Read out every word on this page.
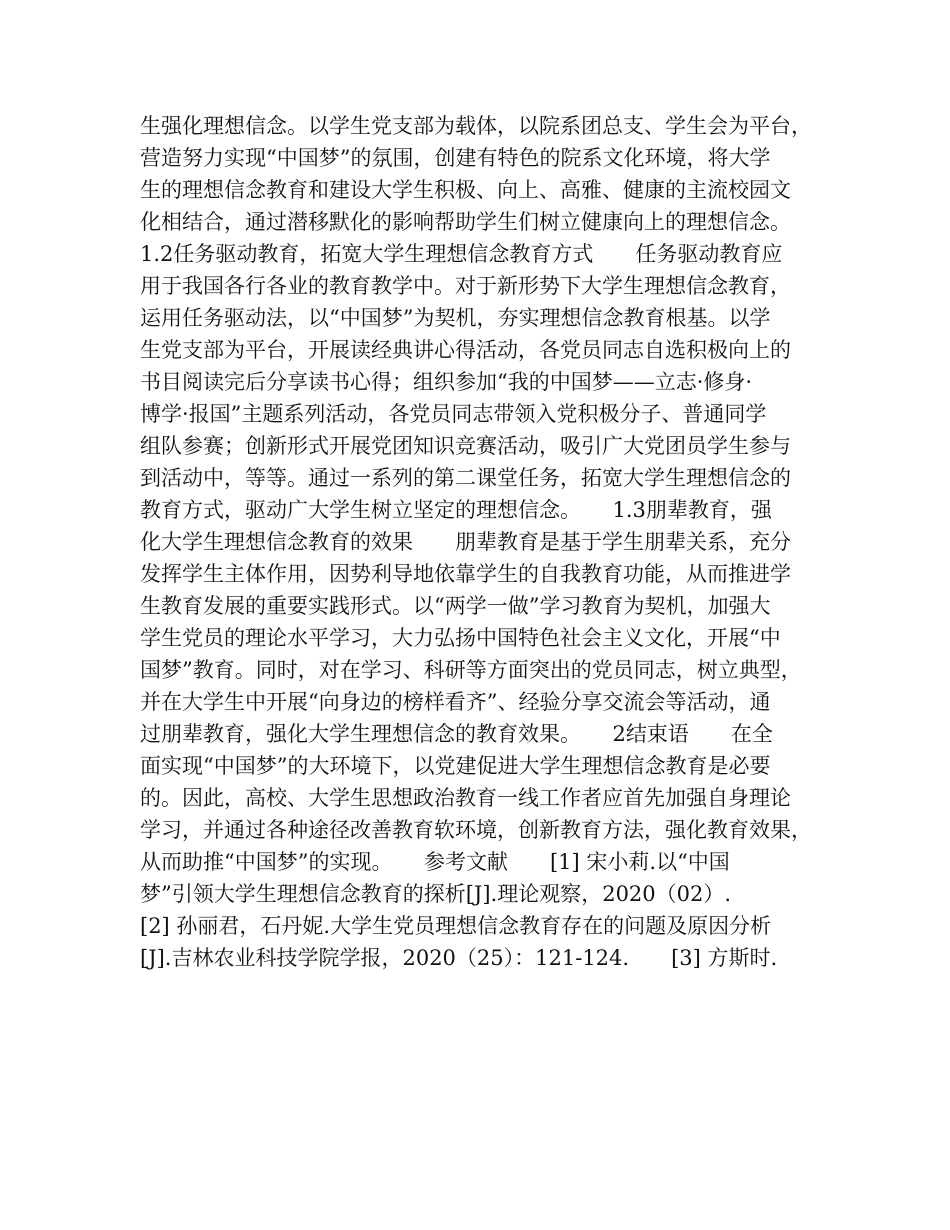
生强化理想信念。以学生党支部为载体，以院系团总支、学生会为平台，
营造努力实现“中国梦”的氛围，创建有特色的院系文化环境，将大学
生的理想信念教育和建设大学生积极、向上、高雅、健康的主流校园文
化相结合，通过潜移默化的影响帮助学生们树立健康向上的理想信念。
1.2任务驱动教育，拓宽大学生理想信念教育方式　　任务驱动教育应
用于我国各行各业的教育教学中。对于新形势下大学生理想信念教育，
运用任务驱动法，以“中国梦”为契机，夯实理想信念教育根基。以学
生党支部为平台，开展读经典讲心得活动，各党员同志自选积极向上的
书目阅读完后分享读书心得；组织参加“我的中国梦——立志·修身·
博学·报国”主题系列活动，各党员同志带领入党积极分子、普通同学
组队参赛；创新形式开展党团知识竞赛活动，吸引广大党团员学生参与
到活动中，等等。通过一系列的第二课堂任务，拓宽大学生理想信念的
教育方式，驱动广大学生树立坚定的理想信念。　　1.3朋辈教育，强
化大学生理想信念教育的效果　　朋辈教育是基于学生朋辈关系，充分
发挥学生主体作用，因势利导地依靠学生的自我教育功能，从而推进学
生教育发展的重要实践形式。以“两学一做”学习教育为契机，加强大
学生党员的理论水平学习，大力弘扬中国特色社会主义文化，开展“中
国梦”教育。同时，对在学习、科研等方面突出的党员同志，树立典型，
并在大学生中开展“向身边的榜样看齐”、经验分享交流会等活动，通
过朋辈教育，强化大学生理想信念的教育效果。　　2结束语　　在全
面实现“中国梦”的大环境下，以党建促进大学生理想信念教育是必要
的。因此，高校、大学生思想政治教育一线工作者应首先加强自身理论
学习，并通过各种途径改善教育软环境，创新教育方法，强化教育效果，
从而助推“中国梦”的实现。　　参考文献　　[1] 宋小莉.以“中国
梦”引领大学生理想信念教育的探析[J].理论观察，2020（02）.
[2] 孙丽君，石丹妮.大学生党员理想信念教育存在的问题及原因分析
[J].吉林农业科技学院学报，2020（25）：121-124.　　[3] 方斯时.
